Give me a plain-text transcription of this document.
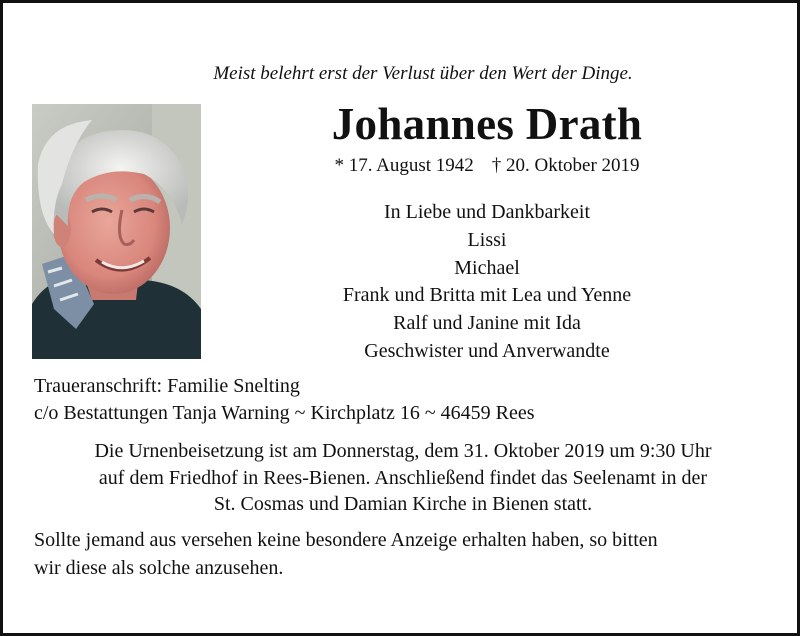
Meist belehrt erst der Verlust über den Wert der Dinge.
Johannes Drath
* 17. August 1942 † 20. Oktober 2019
In Liebe und Dankbarkeit
Lissi
Michael
Frank und Britta mit Lea und Yenne
Ralf und Janine mit Ida
Geschwister und Anverwandte
Traueranschrift: Familie Snelting
c/o Bestattungen Tanja Warning ~ Kirchplatz 16 ~ 46459 Rees
Die Urnenbeisetzung ist am Donnerstag, dem 31. Oktober 2019 um 9:30 Uhr
auf dem Friedhof in Rees-Bienen. Anschließend findet das Seelenamt in der
St. Cosmas und Damian Kirche in Bienen statt.
Sollte jemand aus versehen keine besondere Anzeige erhalten haben, so bitten
wir diese als solche anzusehen.
